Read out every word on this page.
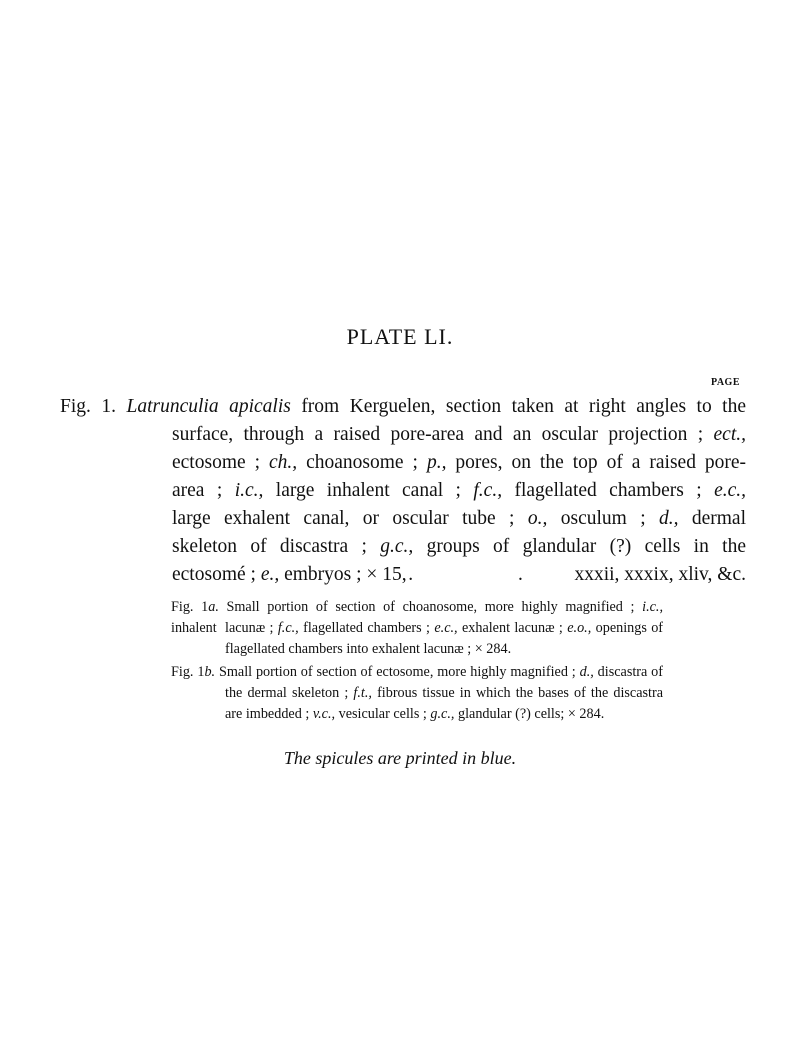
PLATE LI.
PAGE
Fig. 1. Latrunculia apicalis from Kerguelen, section taken at right angles to the
surface, through a raised pore-area and an oscular projection ; ect.,
ectosome ; ch., choanosome ; p., pores, on the top of a raised pore-
area ; i.c., large inhalent canal ; f.c., flagellated chambers ; e.c.,
large exhalent canal, or oscular tube ; o., osculum ; d., dermal
skeleton of discastra ; g.c., groups of glandular (?) cells in the
ectosomé ;
e.,
embryos ; × 15, . . xxxii, xxxix, xliv, &c.
Fig. 1a. Small portion of section of choanosome, more highly magnified ; i.c., inhalent lacunæ ; f.c., flagellated chambers ; e.c., exhalent lacunæ ; e.o., openings of
flagellated chambers into exhalent lacunæ ; × 284.
Fig. 1b. Small portion of section of ectosome, more highly magnified ; d., discastra of
the dermal skeleton ; f.t., fibrous tissue in which the bases of the discastra
are imbedded ; v.c., vesicular cells ; g.c., glandular (?) cells; × 284.
The spicules are printed in blue.
